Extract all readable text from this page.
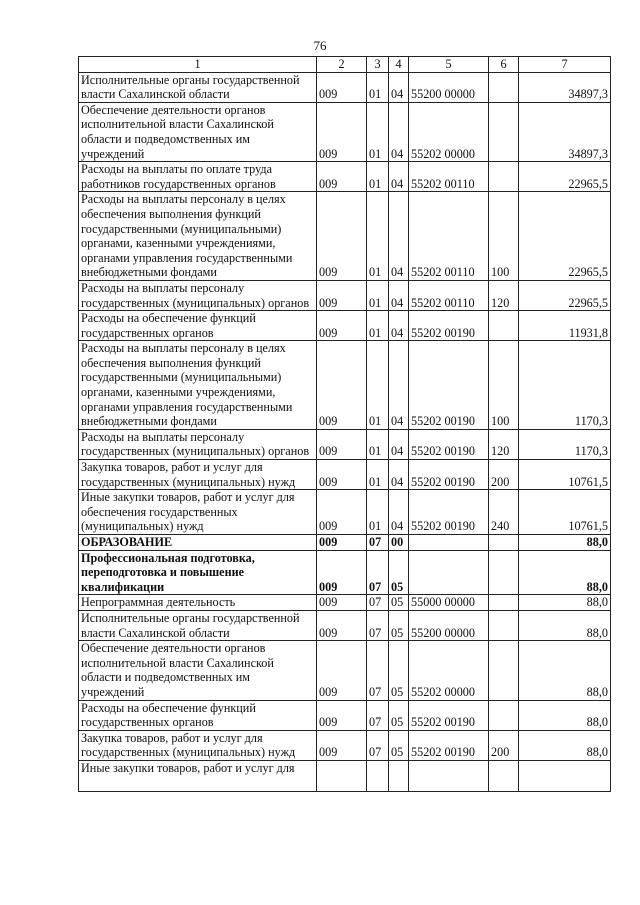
76
1	2	3	4	5	6	7
Исполнительные органы государственной власти Сахалинской области	009	01	04	55200 00000		34897,3
Обеспечение деятельности органов исполнительной власти Сахалинской области и подведомственных им учреждений	009	01	04	55202 00000		34897,3
Расходы на выплаты по оплате труда работников государственных органов	009	01	04	55202 00110		22965,5
Расходы на выплаты персоналу в целях обеспечения выполнения функций государственными (муниципальными) органами, казенными учреждениями, органами управления государственными внебюджетными фондами	009	01	04	55202 00110	100	22965,5
Расходы на выплаты персоналу государственных (муниципальных) органов	009	01	04	55202 00110	120	22965,5
Расходы на обеспечение функций государственных органов	009	01	04	55202 00190		11931,8
Расходы на выплаты персоналу в целях обеспечения выполнения функций государственными (муниципальными) органами, казенными учреждениями, органами управления государственными внебюджетными фондами	009	01	04	55202 00190	100	1170,3
Расходы на выплаты персоналу государственных (муниципальных) органов	009	01	04	55202 00190	120	1170,3
Закупка товаров, работ и услуг для государственных (муниципальных) нужд	009	01	04	55202 00190	200	10761,5
Иные закупки товаров, работ и услуг для обеспечения государственных (муниципальных) нужд	009	01	04	55202 00190	240	10761,5
ОБРАЗОВАНИЕ	009	07	00			88,0
Профессиональная подготовка, переподготовка и повышение квалификации	009	07	05			88,0
Непрограммная деятельность	009	07	05	55000 00000		88,0
Исполнительные органы государственной власти Сахалинской области	009	07	05	55200 00000		88,0
Обеспечение деятельности органов исполнительной власти Сахалинской области и подведомственных им учреждений	009	07	05	55202 00000		88,0
Расходы на обеспечение функций государственных органов	009	07	05	55202 00190		88,0
Закупка товаров, работ и услуг для государственных (муниципальных) нужд	009	07	05	55202 00190	200	88,0
Иные закупки товаров, работ и услуг для						
